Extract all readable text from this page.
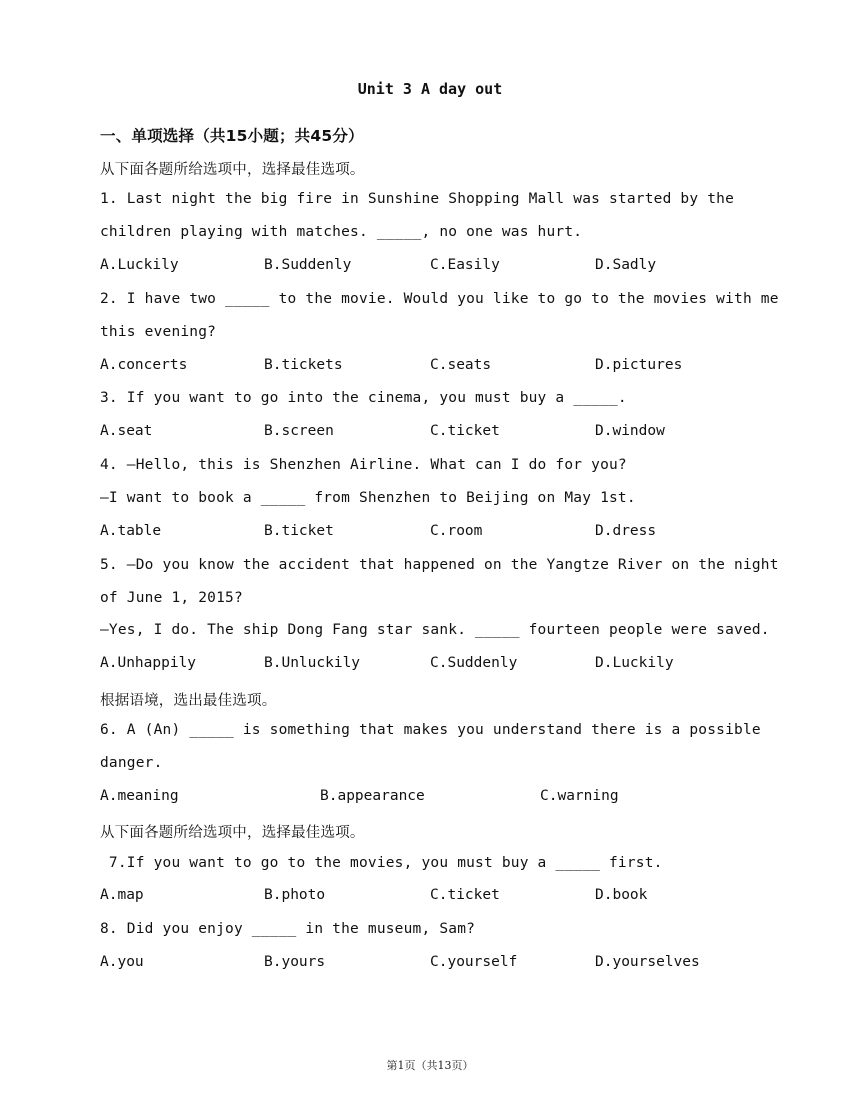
Unit 3 A day out
一、单项选择（共15小题；共45分）
从下面各题所给选项中，选择最佳选项。
1. Last night the big fire in Sunshine Shopping Mall was started by the
children playing with matches. _____, no one was hurt.
A.Luckily	B.Suddenly	C.Easily	D.Sadly
2. I have two _____ to the movie. Would you like to go to the movies with me
this evening?
A.concerts	B.tickets	C.seats	D.pictures
3. If you want to go into the cinema, you must buy a _____.
A.seat	B.screen	C.ticket	D.window
4. —Hello, this is Shenzhen Airline. What can I do for you?
—I want to book a _____ from Shenzhen to Beijing on May 1st.
A.table	B.ticket	C.room	D.dress
5. —Do you know the accident that happened on the Yangtze River on the night
of June 1, 2015?
—Yes, I do. The ship Dong Fang star sank. _____ fourteen people were saved.
A.Unhappily	B.Unluckily	C.Suddenly	D.Luckily
根据语境，选出最佳选项。
6. A (An) _____ is something that makes you understand there is a possible
danger.
A.meaning	B.appearance	C.warning
从下面各题所给选项中，选择最佳选项。
7.If you want to go to the movies, you must buy a _____ first.
A.map	B.photo	C.ticket	D.book
8. Did you enjoy _____ in the museum, Sam?
A.you	B.yours	C.yourself	D.yourselves
第1页（共13页）
